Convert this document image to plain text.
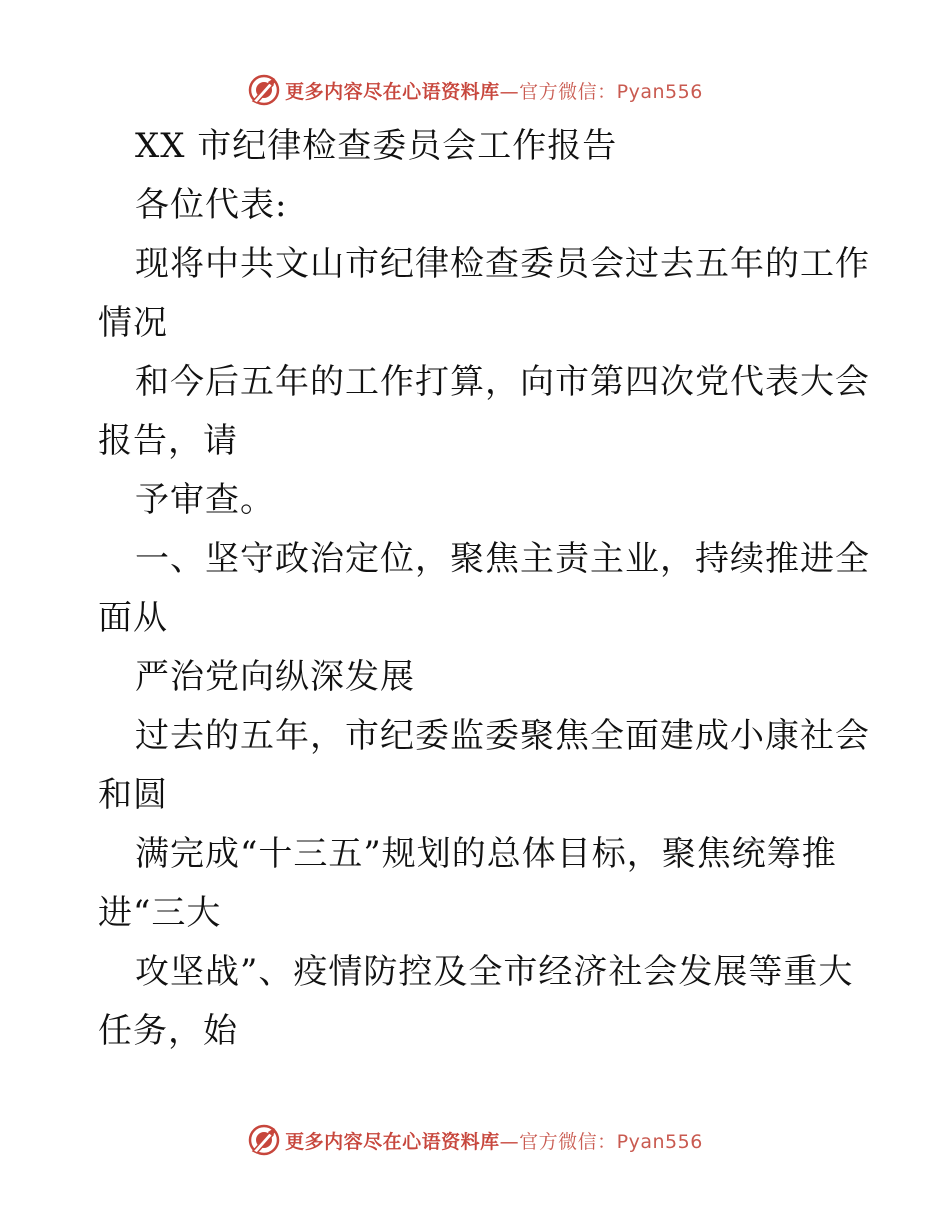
更多内容尽在心语资料库—官方微信：Pyan556
XX 市纪律检查委员会工作报告
各位代表:
现将中共文山市纪律检查委员会过去五年的工作
情况
和今后五年的工作打算，向市第四次党代表大会
报告，请
予审查。
一、坚守政治定位，聚焦主责主业，持续推进全
面从
严治党向纵深发展
过去的五年，市纪委监委聚焦全面建成小康社会
和圆
满完成“十三五”规划的总体目标，聚焦统筹推
进“三大
攻坚战”、疫情防控及全市经济社会发展等重大
任务，始
更多内容尽在心语资料库—官方微信：Pyan556
